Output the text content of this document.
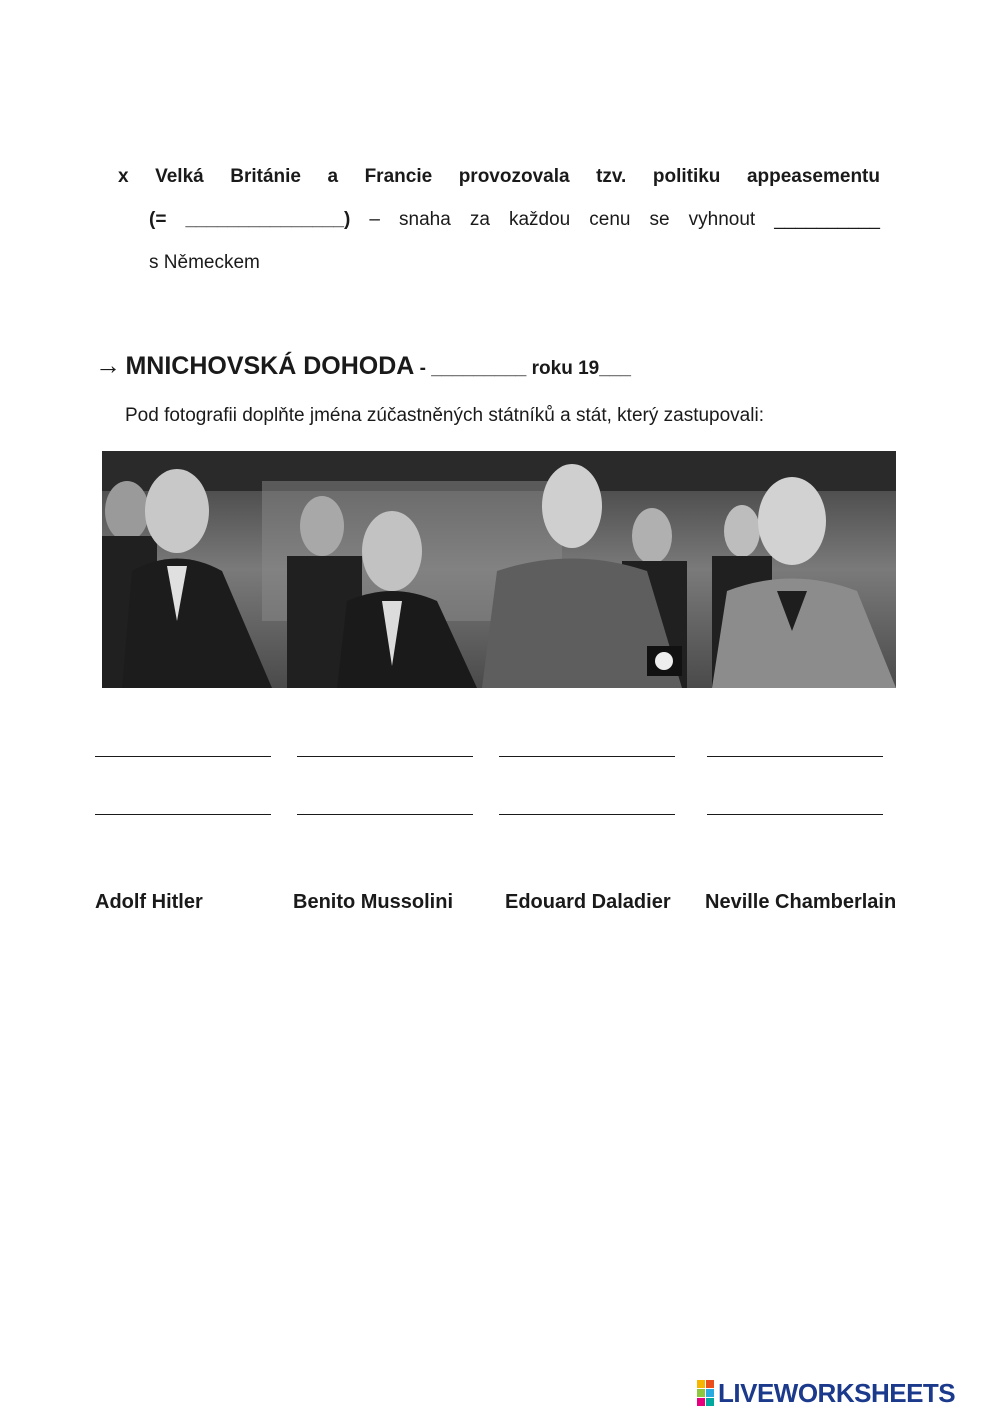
x Velká Británie a Francie provozovala tzv. politiku appeasementu
(= _______________) – snaha za každou cenu se vyhnout __________
s Německem
→ MNICHOVSKÁ DOHODA - _________ roku 19___
Pod fotografii doplňte jména zúčastněných státníků a stát, který zastupovali:
Adolf Hitler	Benito Mussolini	Edouard Daladier Neville Chamberlain
LIVEWORKSHEETS
